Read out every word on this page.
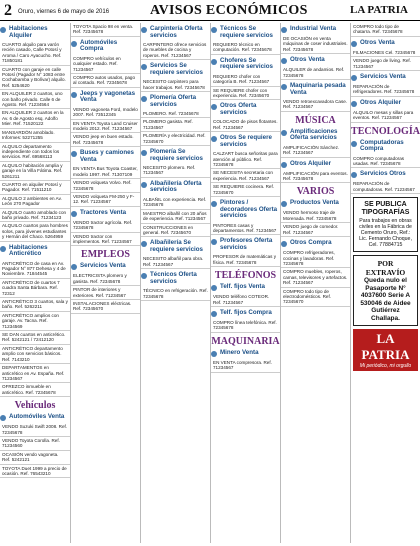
2 Oruro, viernes 6 de mayo de 2016	AVISOS ECONÓMICOS	LA PATRIA
Habitaciones Alquiler
CUARTO alquilo para varón recién casado, Calle Potosí y Aroma / Caro Ayacucho. Ref. 71850181
CUARTO con garaje en calle Potosí (Pagador N° 1083 entre Cochabamba y Bolívar) alquilo. Ref. 5254620
EN ALQUILER 2 cuartos, uno con baño privado. Calle 6 de Agosto. Ref. 71234564
EN ALQUILER 2 cuartos en la Av. 6 de Agosto esq. Adolfo Mier. Ref. 71520122
MANSARDÓN amoblado. Informes: 52271255
ALQUILO departamento independiente con todos los servicios. Ref. 69568113
ALQUILO habitación amplia y garaje en la Villa Fátima. Ref. 5261211
CUARTO en alquiler Potosí y Pagador. Ref. 71511210
ALQUILO 2 ambientes en Av. León 270 Pagador
ALQUILO cuarto amoblado con baño privado. Ref. 71234123
ALQUILO cuartos para hombres solos, para jóvenes estudiantes y Hernán del Chaco. 5264959
Habitaciones Anticrético
ANTICRÉTICO de casa en Av. Pagador N° 877 Dehesa y 4 de Noviembre. 71844545
ANTICRÉTICO de cuartos 7 cuadra Santa Bárbara. Ref. 72312
ANTICRÉTICO 3 cuartos, sala y baño. Ref. 5262211
ANTICRÉTICO amplios con garaje. Av. Tacna. Ref. 71234569
SE DAN cuartos en anticrético. Ref. 5242121 / 72412120
ANTICRÉTICO departamento amplio con servicios básicos. Ref. 7143210
DEPARTAMENTOS en anticrético en Av. España. Ref. 71234567
OFREZCO inmueble en anticrético. Ref. 72345678
Vehículos
Automóviles Venta
VENDO Suzuki Swift 2008. Ref. 72345678
VENDO Toyota Corolla. Ref. 71234560
OCASIÓN vendo vagoneta. Ref. 5242121
TOYOTA Duet 1999 a precio de ocasión. Ref. 76543210
TOYOTA Spacio 98 en venta. Ref. 72345678
Automóviles Compra
COMPRO vehículos en cualquier estado. Ref. 71234567
COMPRO autos usados, pago al contado. Ref. 72345678
Jeeps y vagonetas Venta
VENDO vagoneta Ford, modelo 2007. Ref. 73512345
EN VENTA Toyota Land Cruiser modelo 2012. Ref. 71234567
VENDO jeep en buen estado. Ref. 72345678
Buses y camiones Venta
EN VENTA Bus Toyota Coaster, modelo 1997. Ref. 71307109
VENDO volqueta Volvo. Ref. 72345678
VENDO volqueta FM-250 y F-12. Ref. 71234567
Tractores Venta
VENDO tractor agrícola. Ref. 72345678
VENDO tractor con implementos. Ref. 71234567
EMPLEOS
Servicios Venta
ELECTRICISTA plomero y gasista. Ref. 72345678
PINTOR de interiores y exteriores. Ref. 71234567
INSTALACIONES eléctricas. Ref. 72345670
Carpintería Oferta servicios
CARPINTERO ofrece servicios de muebles de cocina y roperos. Ref. 71234567
Servicios Se requiere servicios
NECESITO carpintero para hacer trabajos. Ref. 72345678
Plomería Oferta servicios
PLOMERO. Ref. 72345678
PLOMERO gasista. Ref. 71234567
PLOMERÍA y electricidad. Ref. 72345670
Plomería Se requiere servicios
NECESITO plomero. Ref. 71234567
Albañilería Oferta servicios
ALBAÑIL con experiencia. Ref. 72345678
MAESTRO albañil con 20 años de experiencia. Ref. 71234567
CONSTRUCCIONES en general. Ref. 72345670
Albañilería Se requiere servicios
NECESITO albañil para obra. Ref. 71234567
Técnicos Oferta servicios
TÉCNICO en refrigeración. Ref. 72345678
Técnicos Se requiere servicios
REQUIERO técnico en computación. Ref. 72345678
Choferes Se requiere servicios
REQUIERO chofer con categoría B. Ref. 71234567
SE REQUIERE chofer con experiencia. Ref. 72345670
Otros Oferta servicios
COLOCADO de pisos flotantes. Ref. 71234567
Otros Se requiere servicios
CALZART busca señoritas para atención al público. Ref. 72345678
SE NECESITA secretaria con experiencia. Ref. 71234567
SE REQUIERE cocinera. Ref. 72345670
Pintores / decoradores Oferta servicios
PINTORES casas y departamentos. Ref. 71234567
Profesores Oferta servicios
PROFESOR de matemáticas y física. Ref. 72345678
TELÉFONOS
Telf. fijos Venta
VENDO teléfono COTEOR. Ref. 71234567
Telf. fijos Compra
COMPRO línea telefónica. Ref. 72345678
MAQUINARIA
Minero Venta
EN VENTA compresora. Ref. 71234567
Industrial Venta
DE OCASIÓN en venta máquinas de coser industriales. Ref. 72345678
Otros Venta
ALQUILER de andamios. Ref. 72345678
Maquinaria pesada Venta
VENDO retroexcavadora Case. Ref. 71234567
MÚSICA
Amplificaciones Oferta servicios
AMPLIFICACIÓN Sánchez. Ref. 71234567
Otros Alquiler
AMPLIFICACIÓN para eventos. Ref. 72345678
VARIOS
Productos Venta
VENDO hermoso traje de Morenada. Ref. 72345678
VENDO juego de comedor. Ref. 71234567
Otros Compra
COMPRO refrigeradores, cocinas y lavadoras. Ref. 72345678
COMPRO muebles, roperos, camas, televisores y artefactos. Ref. 71234567
COMPRO todo tipo de electrodomésticos. Ref. 72345670
COMPRO todo tipo de chatarra. Ref. 72345678
Otros Venta
FILMACIONES Cel. 72345678
VENDO juego de living. Ref. 71234567
Servicios Venta
REPARACIÓN de refrigeradores. Ref. 72345678
Otros Alquiler
ALQUILO mesas y sillas para eventos. Ref. 71234567
TECNOLOGÍA
Computadoras Compra
COMPRO computadoras usadas. Ref. 72345678
Servicios Otros
REPARACIÓN de computadoras. Ref. 71234567
SE PUBLICA TIPOGRAFÍAS
Para trabajos en obras civiles en la Fábrica de Cemento Oruro, Ref.: Lic. Fernando Choque, Cel. 77884715
POR EXTRAVÍO
Queda nulo el Pasaporte N° 4037600 Serie A 530046 de Aidee Gutiérrez Challapa.
LA PATRIA
Mi periódico, mi orgullo
